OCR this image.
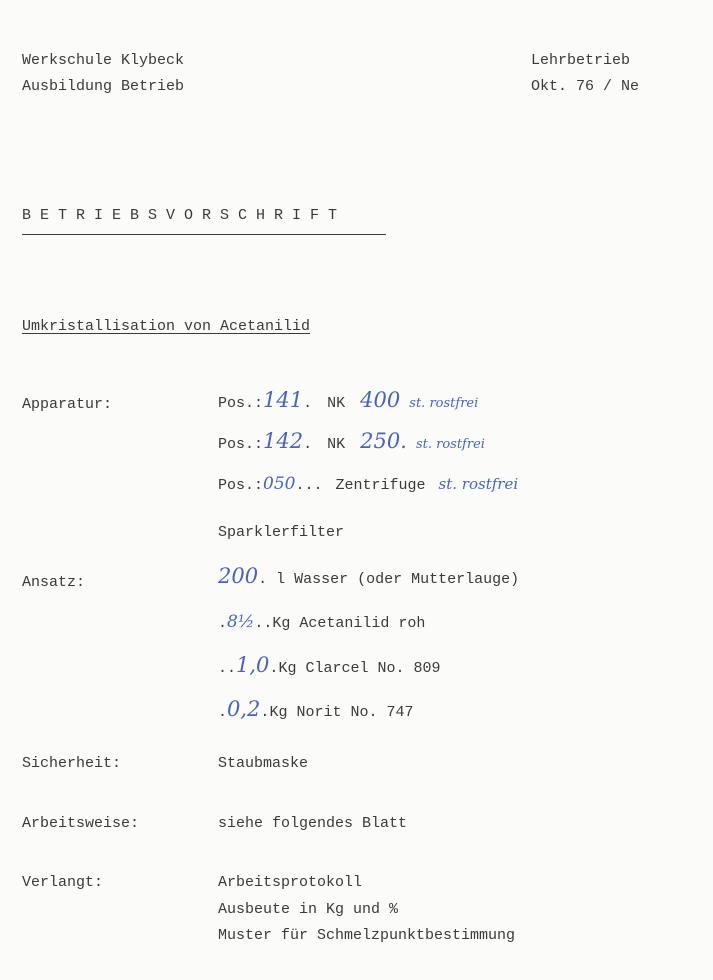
Werkschule Klybeck
Ausbildung Betrieb
Lehrbetrieb
Okt. 76 / Ne
BETRIEBSVORSCHRIFT
Umkristallisation von Acetanilid
Apparatur:	Pos.:141. NK 400 st. rostfrei
Pos.:142. NK 250. st. rostfrei
Pos.:050... Zentrifuge st. rostfrei
Sparklerfilter
Ansatz:	200. l Wasser (oder Mutterlauge)
.8½..Kg Acetanilid roh
..1,0.Kg Clarcel No. 809
.0,2.Kg Norit No. 747
Sicherheit:	Staubmaske
Arbeitsweise:	siehe folgendes Blatt
Verlangt:	Arbeitsprotokoll
Ausbeute in Kg und %
Muster für Schmelzpunktbestimmung
